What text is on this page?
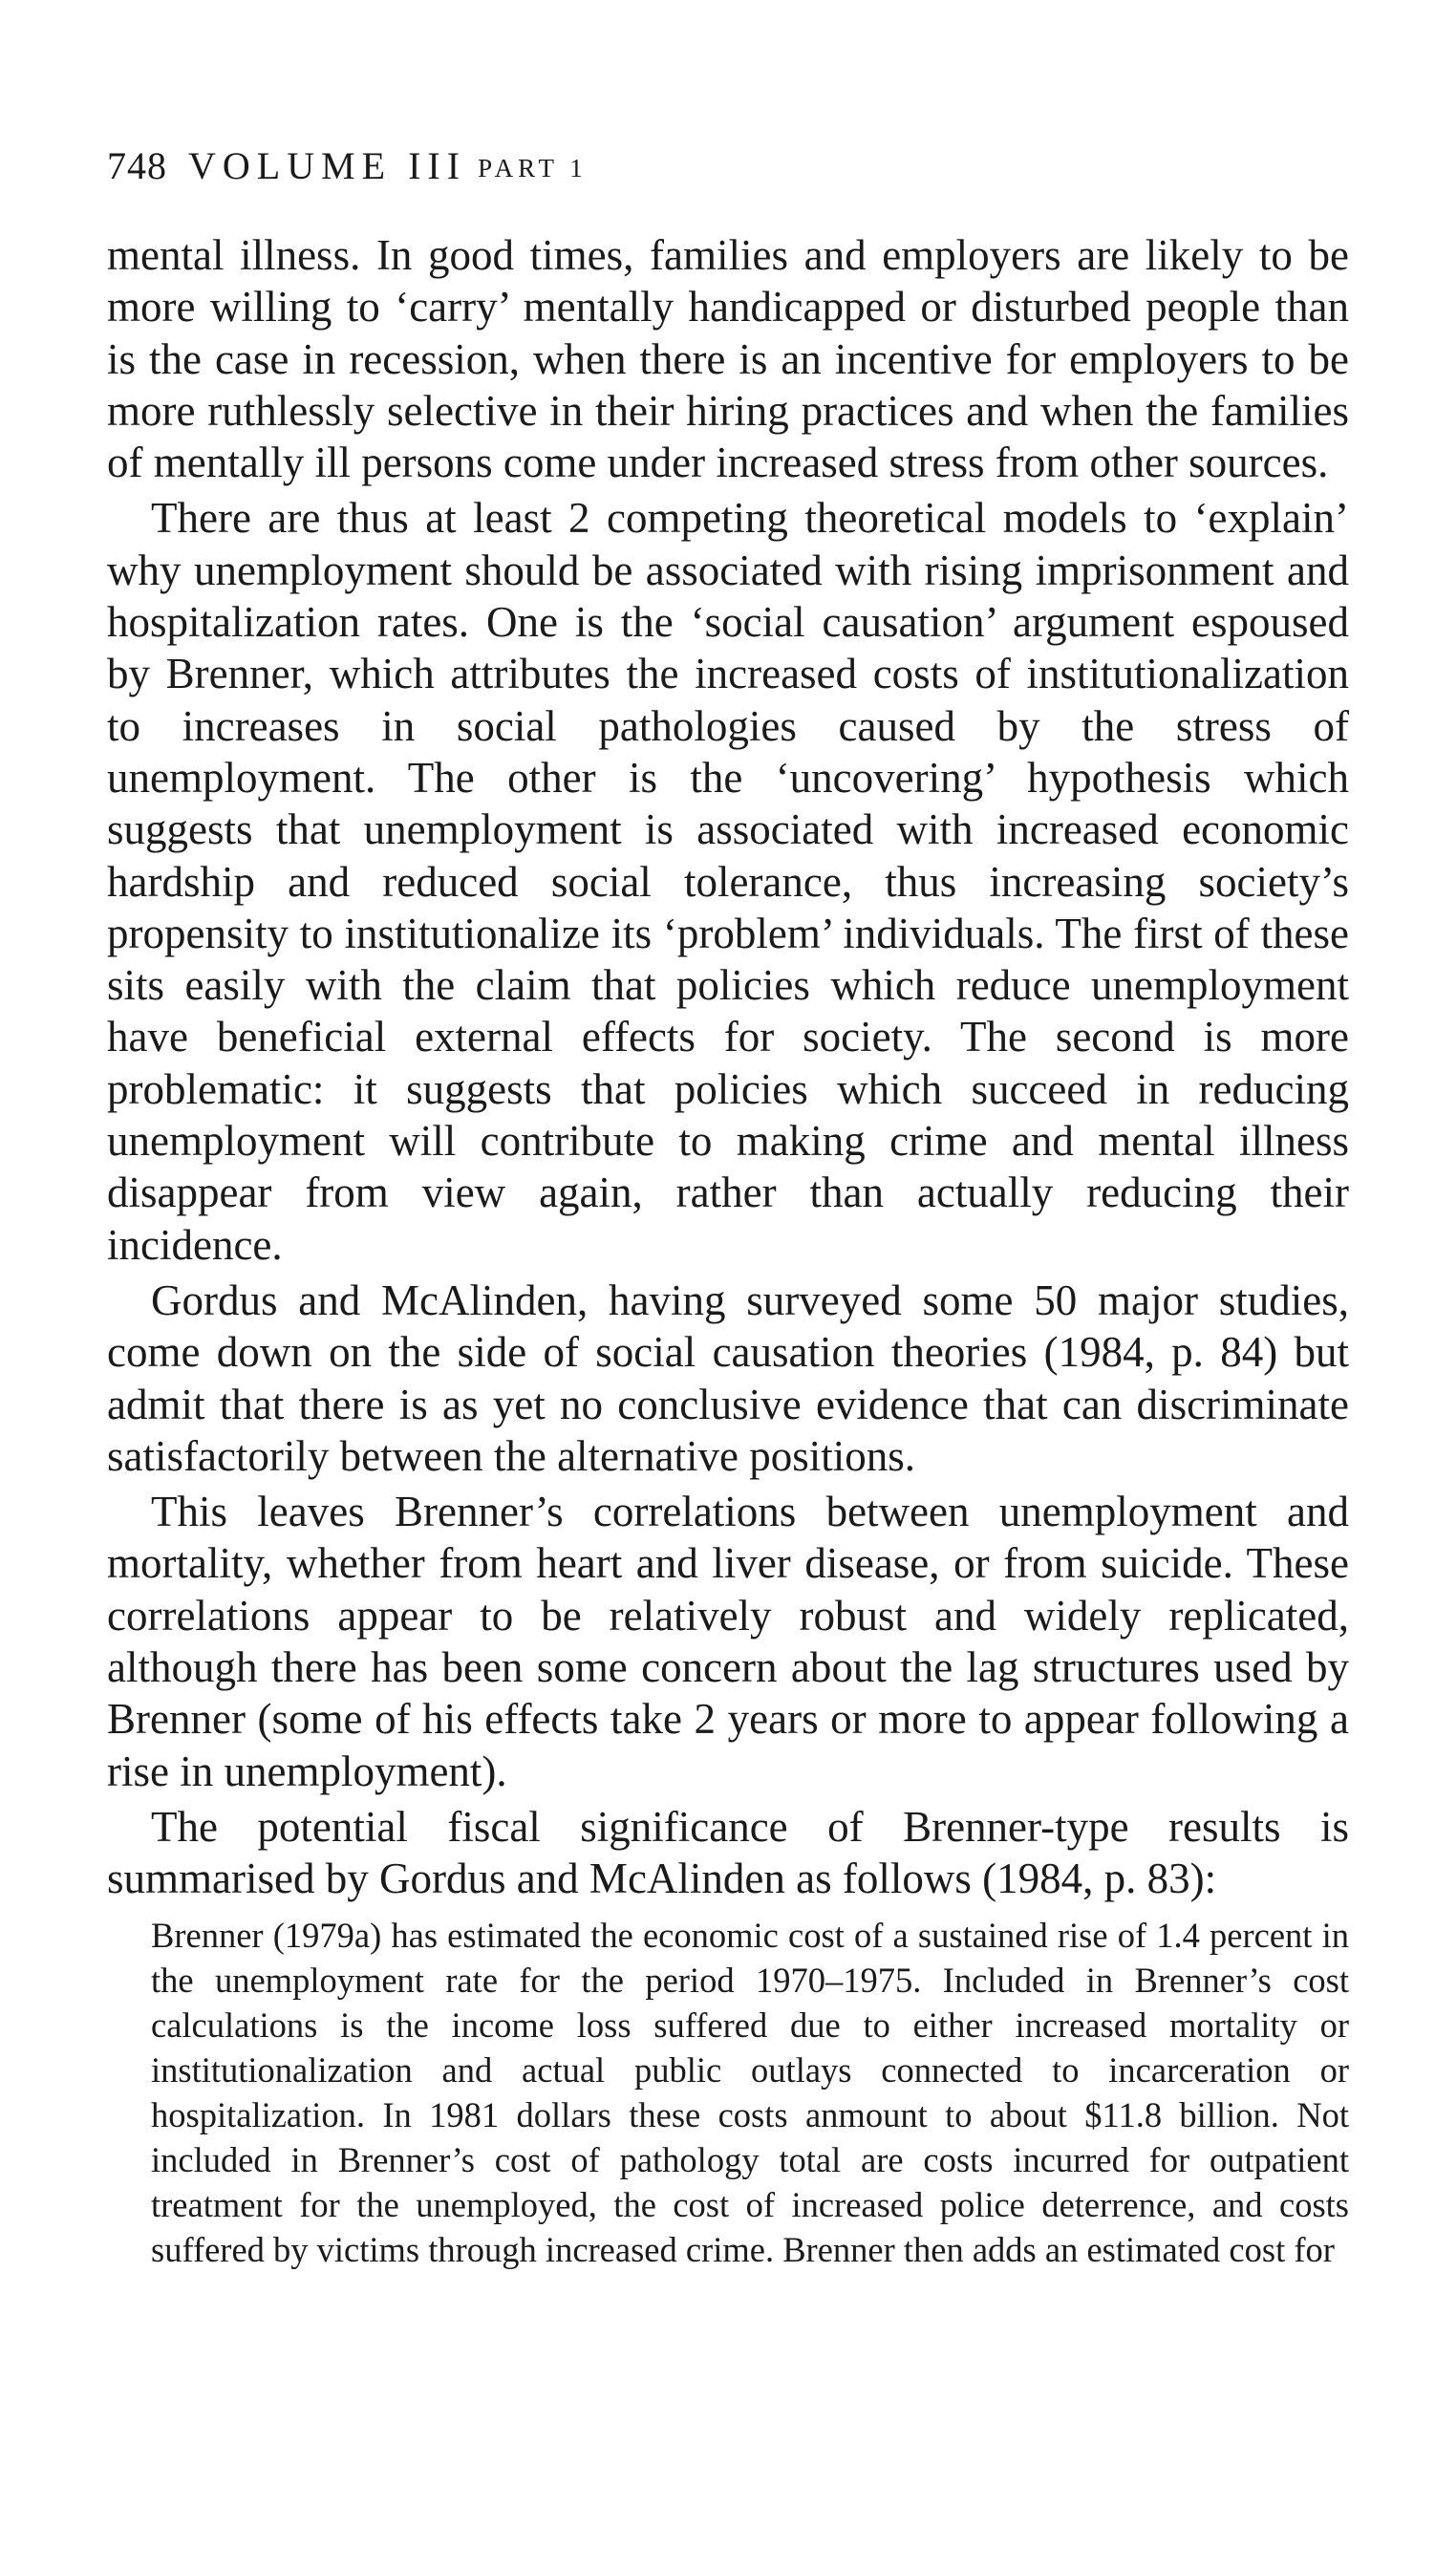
748 VOLUME III PART 1

mental illness. In good times, families and employers are likely to be more willing to ‘carry’ mentally handicapped or disturbed people than is the case in recession, when there is an incentive for employers to be more ruthlessly selective in their hiring practices and when the families of mentally ill persons come under increased stress from other sources.

There are thus at least 2 competing theoretical models to ‘explain’ why unemployment should be associated with rising imprisonment and hospitalization rates. One is the ‘social causation’ argument espoused by Brenner, which attributes the increased costs of institutionalization to increases in social pathologies caused by the stress of unemployment. The other is the ‘uncovering’ hypothesis which suggests that unemployment is associated with increased economic hardship and reduced social tolerance, thus increasing society’s propensity to institutionalize its ‘problem’ individuals. The first of these sits easily with the claim that policies which reduce unemployment have beneficial external effects for society. The second is more problematic: it suggests that policies which succeed in reducing unemployment will contribute to making crime and mental illness disappear from view again, rather than actually reducing their incidence.

Gordus and McAlinden, having surveyed some 50 major studies, come down on the side of social causation theories (1984, p. 84) but admit that there is as yet no conclusive evidence that can discriminate satisfactorily between the alternative positions.

This leaves Brenner’s correlations between unemployment and mortality, whether from heart and liver disease, or from suicide. These correlations appear to be relatively robust and widely replicated, although there has been some concern about the lag structures used by Brenner (some of his effects take 2 years or more to appear following a rise in unemployment).

The potential fiscal significance of Brenner-type results is summarised by Gordus and McAlinden as follows (1984, p. 83):

Brenner (1979a) has estimated the economic cost of a sustained rise of 1.4 percent in the unemployment rate for the period 1970–1975. Included in Brenner’s cost calculations is the income loss suffered due to either increased mortality or institutionalization and actual public outlays connected to incarceration or hospitalization. In 1981 dollars these costs anmount to about $11.8 billion. Not included in Brenner’s cost of pathology total are costs incurred for outpatient treatment for the unemployed, the cost of increased police deterrence, and costs suffered by victims through increased crime. Brenner then adds an estimated cost for
